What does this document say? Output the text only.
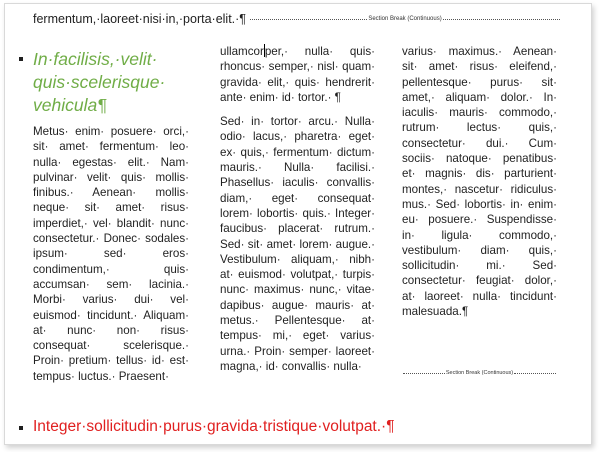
fermentum,·laoreet·nisi·in,·porta·elit.·¶	Section Break (Continuous)
In·facilisis,·velit· quis·scelerisque· vehicula¶

Metus· enim· posuere· orci,· sit· amet· fermentum· leo· nulla· egestas· elit.· Nam· pulvinar· velit· quis· mollis· finibus.· Aenean· mollis· neque· sit· amet· risus· imperdiet,· vel· blandit· nunc· consectetur.· Donec· sodales· ipsum· sed· eros· condimentum,· quis· accumsan· sem· lacinia.· Morbi· varius· dui· vel· euismod· tincidunt.· Aliquam· at· nunc· non· risus· consequat· scelerisque.· Proin· pretium· tellus· id· est· tempus· luctus.· Praesent·

ullamcorper,· nulla· quis· rhoncus· semper,· nisl· quam· gravida· elit,· quis· hendrerit· ante· enim· id· tortor.· ¶

Sed· in· tortor· arcu.· Nulla· odio· lacus,· pharetra· eget· ex· quis,· fermentum· dictum· mauris.· Nulla· facilisi.· Phasellus· iaculis· convallis· diam,· eget· consequat· lorem· lobortis· quis.· Integer· faucibus· placerat· rutrum.· Sed· sit· amet· lorem· augue.· Vestibulum· aliquam,· nibh· at· euismod· volutpat,· turpis· nunc· maximus· nunc,· vitae· dapibus· augue· mauris· at· metus.· Pellentesque· at· tempus· mi,· eget· varius· urna.· Proin· semper· laoreet· magna,· id· convallis· nulla·

varius· maximus.· Aenean· sit· amet· risus· eleifend,· pellentesque· purus· sit· amet,· aliquam· dolor.· In· iaculis· mauris· commodo,· rutrum· lectus· quis,· consectetur· dui.· Cum· sociis· natoque· penatibus· et· magnis· dis· parturient· montes,· nascetur· ridiculus· mus.· Sed· lobortis· in· enim· eu· posuere.· Suspendisse· in· ligula· commodo,· vestibulum· diam· quis,· sollicitudin· mi.· Sed· consectetur· feugiat· dolor,· at· laoreet· nulla· tincidunt· malesuada.¶

Section Break (Continuous)
Integer·sollicitudin·purus·gravida·tristique·volutpat.·¶
